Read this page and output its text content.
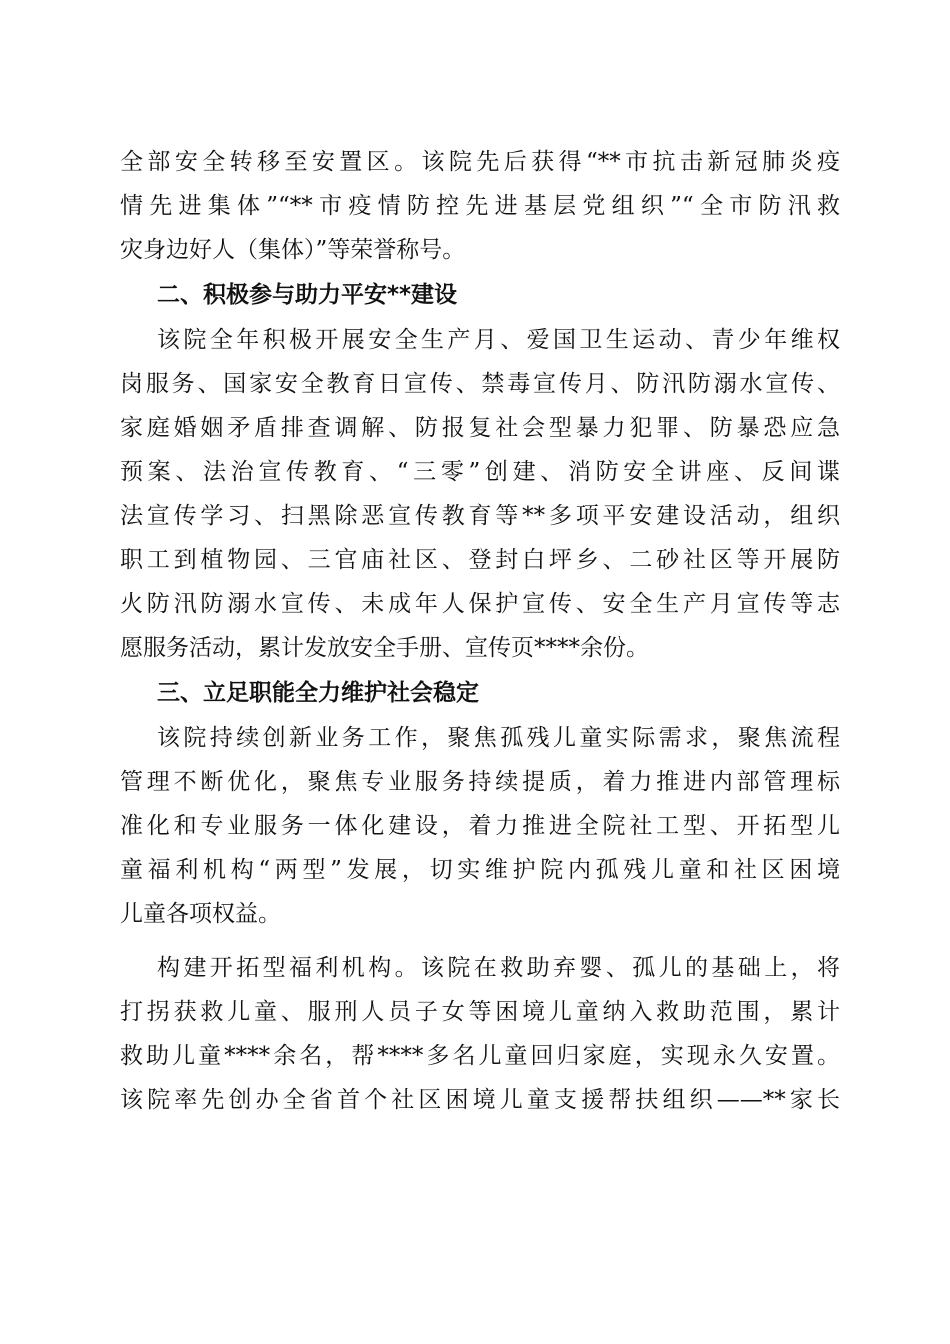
全部安全转移至安置区。该院先后获得“**市抗击新冠肺炎疫
情先进集体”“**市疫情防控先进基层党组织”“全市防汛救
灾身边好人（集体）”等荣誉称号。
二、积极参与助力平安**建设
该院全年积极开展安全生产月、爱国卫生运动、青少年维权
岗服务、国家安全教育日宣传、禁毒宣传月、防汛防溺水宣传、
家庭婚姻矛盾排查调解、防报复社会型暴力犯罪、防暴恐应急
预案、法治宣传教育、“三零”创建、消防安全讲座、反间谍
法宣传学习、扫黑除恶宣传教育等**多项平安建设活动，组织
职工到植物园、三官庙社区、登封白坪乡、二砂社区等开展防
火防汛防溺水宣传、未成年人保护宣传、安全生产月宣传等志
愿服务活动，累计发放安全手册、宣传页****余份。
三、立足职能全力维护社会稳定
该院持续创新业务工作，聚焦孤残儿童实际需求，聚焦流程
管理不断优化，聚焦专业服务持续提质，着力推进内部管理标
准化和专业服务一体化建设，着力推进全院社工型、开拓型儿
童福利机构“两型”发展，切实维护院内孤残儿童和社区困境
儿童各项权益。
构建开拓型福利机构。该院在救助弃婴、孤儿的基础上，将
打拐获救儿童、服刑人员子女等困境儿童纳入救助范围，累计
救助儿童****余名，帮****多名儿童回归家庭，实现永久安置。
该院率先创办全省首个社区困境儿童支援帮扶组织——**家长
